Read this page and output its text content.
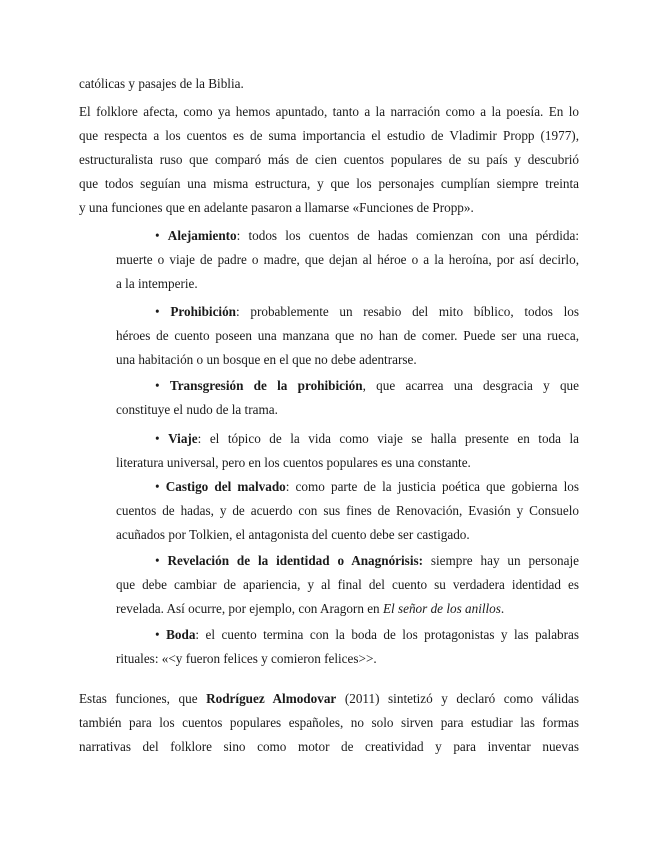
católicas y pasajes de la Biblia.
El folklore afecta, como ya hemos apuntado, tanto a la narración como a la poesía. En lo
que respecta a los cuentos es de suma importancia el estudio de Vladimir Propp (1977),
estructuralista ruso que comparó más de cien cuentos populares de su país y descubrió
que todos seguían una misma estructura, y que los personajes cumplían siempre treinta
y una funciones que en adelante pasaron a llamarse «Funciones de Propp».
• Alejamiento: todos los cuentos de hadas comienzan con una pérdida:
muerte o viaje de padre o madre, que dejan al héroe o a la heroína, por así decirlo,
a la intemperie.
• Prohibición: probablemente un resabio del mito bíblico, todos los
héroes de cuento poseen una manzana que no han de comer. Puede ser una rueca,
una habitación o un bosque en el que no debe adentrarse.
• Transgresión de la prohibición, que acarrea una desgracia y que
constituye el nudo de la trama.
• Viaje: el tópico de la vida como viaje se halla presente en toda la
literatura universal, pero en los cuentos populares es una constante.
• Castigo del malvado: como parte de la justicia poética que gobierna los
cuentos de hadas, y de acuerdo con sus fines de Renovación, Evasión y Consuelo
acuñados por Tolkien, el antagonista del cuento debe ser castigado.
• Revelación de la identidad o Anagnórisis: siempre hay un personaje
que debe cambiar de apariencia, y al final del cuento su verdadera identidad es
revelada. Así ocurre, por ejemplo, con Aragorn en El señor de los anillos.
• Boda: el cuento termina con la boda de los protagonistas y las palabras
rituales: «<y fueron felices y comieron felices>>.
Estas funciones, que Rodríguez Almodovar (2011) sintetizó y declaró como válidas
también para los cuentos populares españoles, no solo sirven para estudiar las formas
narrativas del folklore sino como motor de creatividad y para inventar nuevas
